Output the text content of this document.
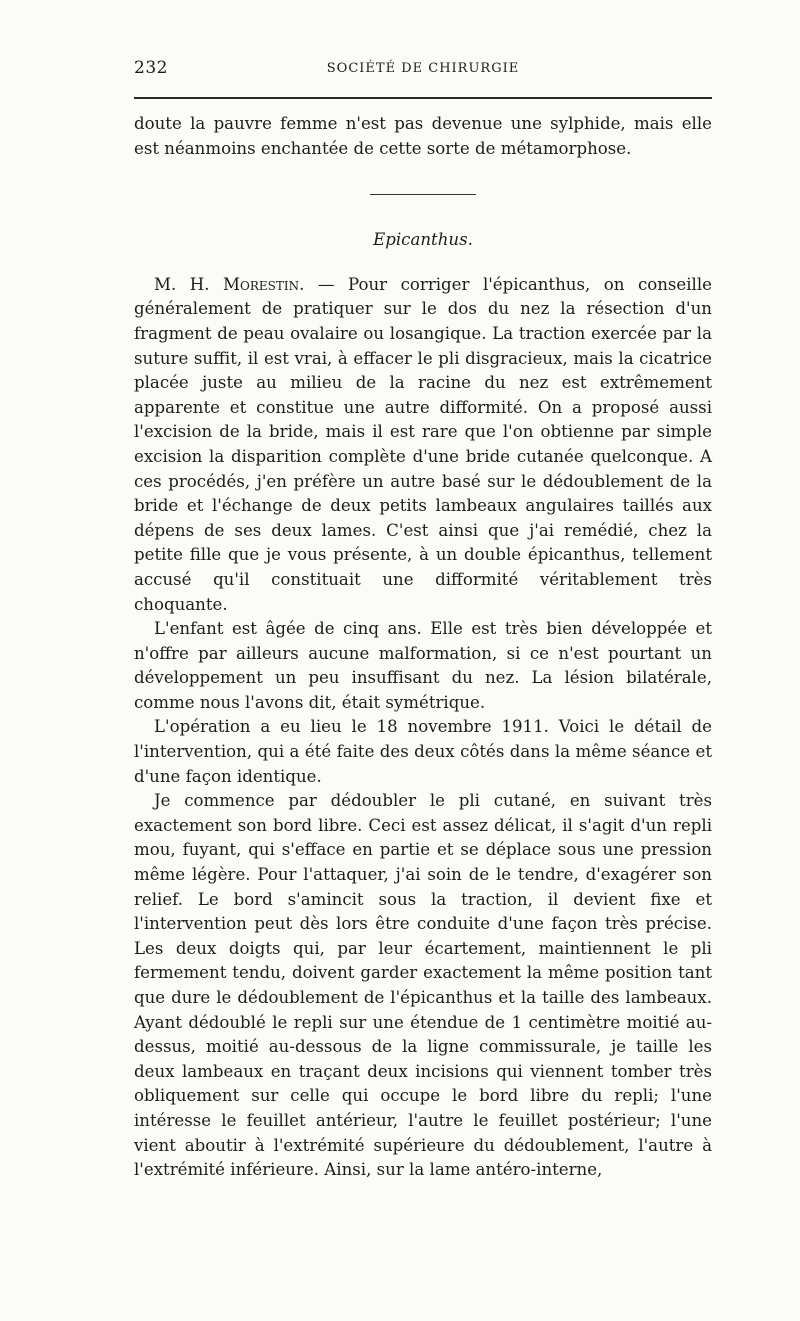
232	SOCIÉTÉ DE CHIRURGIE

doute la pauvre femme n'est pas devenue une sylphide, mais elle est néanmoins enchantée de cette sorte de métamorphose.

Epicanthus.

M. H. Morestin. — Pour corriger l'épicanthus, on conseille généralement de pratiquer sur le dos du nez la résection d'un fragment de peau ovalaire ou losangique. La traction exercée par la suture suffit, il est vrai, à effacer le pli disgracieux, mais la cicatrice placée juste au milieu de la racine du nez est extrêmement apparente et constitue une autre difformité. On a proposé aussi l'excision de la bride, mais il est rare que l'on obtienne par simple excision la disparition complète d'une bride cutanée quelconque. A ces procédés, j'en préfère un autre basé sur le dédoublement de la bride et l'échange de deux petits lambeaux angulaires taillés aux dépens de ses deux lames. C'est ainsi que j'ai remédié, chez la petite fille que je vous présente, à un double épicanthus, tellement accusé qu'il constituait une difformité véritablement très choquante.

L'enfant est âgée de cinq ans. Elle est très bien développée et n'offre par ailleurs aucune malformation, si ce n'est pourtant un développement un peu insuffisant du nez. La lésion bilatérale, comme nous l'avons dit, était symétrique.

L'opération a eu lieu le 18 novembre 1911. Voici le détail de l'intervention, qui a été faite des deux côtés dans la même séance et d'une façon identique.

Je commence par dédoubler le pli cutané, en suivant très exactement son bord libre. Ceci est assez délicat, il s'agit d'un repli mou, fuyant, qui s'efface en partie et se déplace sous une pression même légère. Pour l'attaquer, j'ai soin de le tendre, d'exagérer son relief. Le bord s'amincit sous la traction, il devient fixe et l'intervention peut dès lors être conduite d'une façon très précise. Les deux doigts qui, par leur écartement, maintiennent le pli fermement tendu, doivent garder exactement la même position tant que dure le dédoublement de l'épicanthus et la taille des lambeaux. Ayant dédoublé le repli sur une étendue de 1 centimètre moitié au-dessus, moitié au-dessous de la ligne commissurale, je taille les deux lambeaux en traçant deux incisions qui viennent tomber très obliquement sur celle qui occupe le bord libre du repli; l'une intéresse le feuillet antérieur, l'autre le feuillet postérieur; l'une vient aboutir à l'extrémité supérieure du dédoublement, l'autre à l'extrémité inférieure. Ainsi, sur la lame antéro-interne,
